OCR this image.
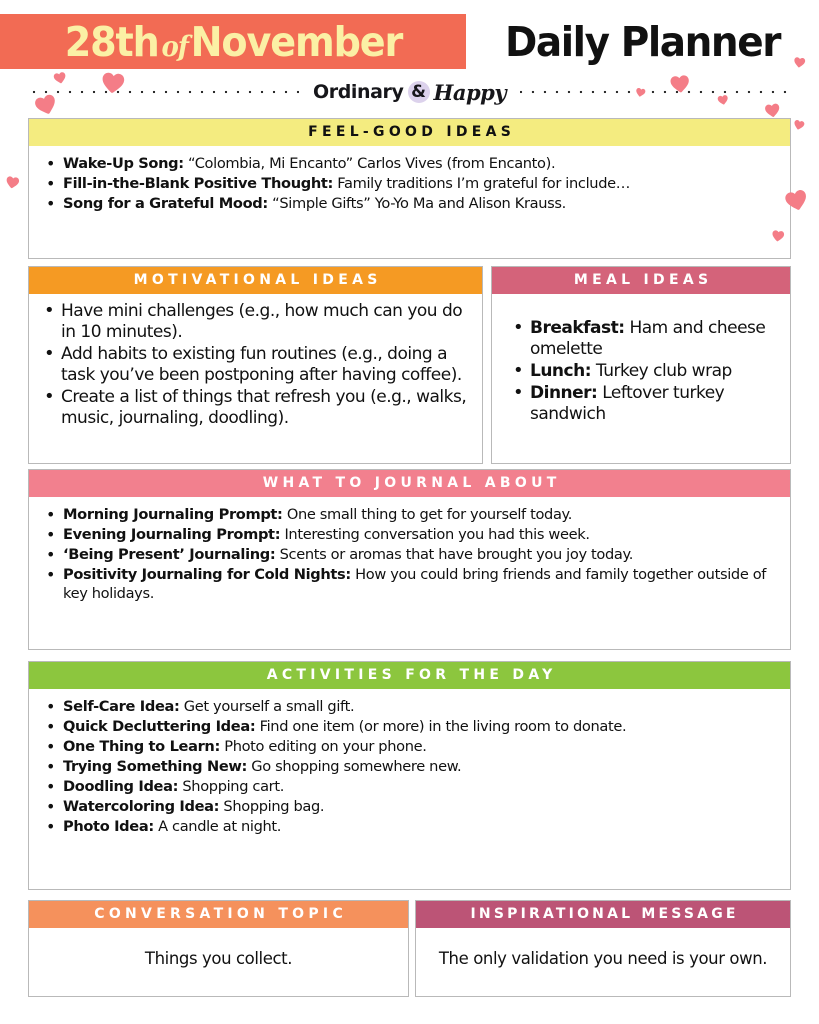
28thofNovember	Daily Planner
Ordinary & Happy
FEEL-GOOD IDEAS
• Wake-Up Song: “Colombia, Mi Encanto” Carlos Vives (from Encanto).
• Fill-in-the-Blank Positive Thought: Family traditions I’m grateful for include…
• Song for a Grateful Mood: “Simple Gifts” Yo-Yo Ma and Alison Krauss.
MOTIVATIONAL IDEAS
• Have mini challenges (e.g., how much can you do in 10 minutes).
• Add habits to existing fun routines (e.g., doing a task you’ve been postponing after having coffee).
• Create a list of things that refresh you (e.g., walks, music, journaling, doodling).
MEAL IDEAS
• Breakfast: Ham and cheese omelette
• Lunch: Turkey club wrap
• Dinner: Leftover turkey sandwich
WHAT TO JOURNAL ABOUT
• Morning Journaling Prompt: One small thing to get for yourself today.
• Evening Journaling Prompt: Interesting conversation you had this week.
• ‘Being Present’ Journaling: Scents or aromas that have brought you joy today.
• Positivity Journaling for Cold Nights: How you could bring friends and family together outside of key holidays.
ACTIVITIES FOR THE DAY
• Self-Care Idea: Get yourself a small gift.
• Quick Decluttering Idea: Find one item (or more) in the living room to donate.
• One Thing to Learn: Photo editing on your phone.
• Trying Something New: Go shopping somewhere new.
• Doodling Idea: Shopping cart.
• Watercoloring Idea: Shopping bag.
• Photo Idea: A candle at night.
CONVERSATION TOPIC
Things you collect.
INSPIRATIONAL MESSAGE
The only validation you need is your own.
